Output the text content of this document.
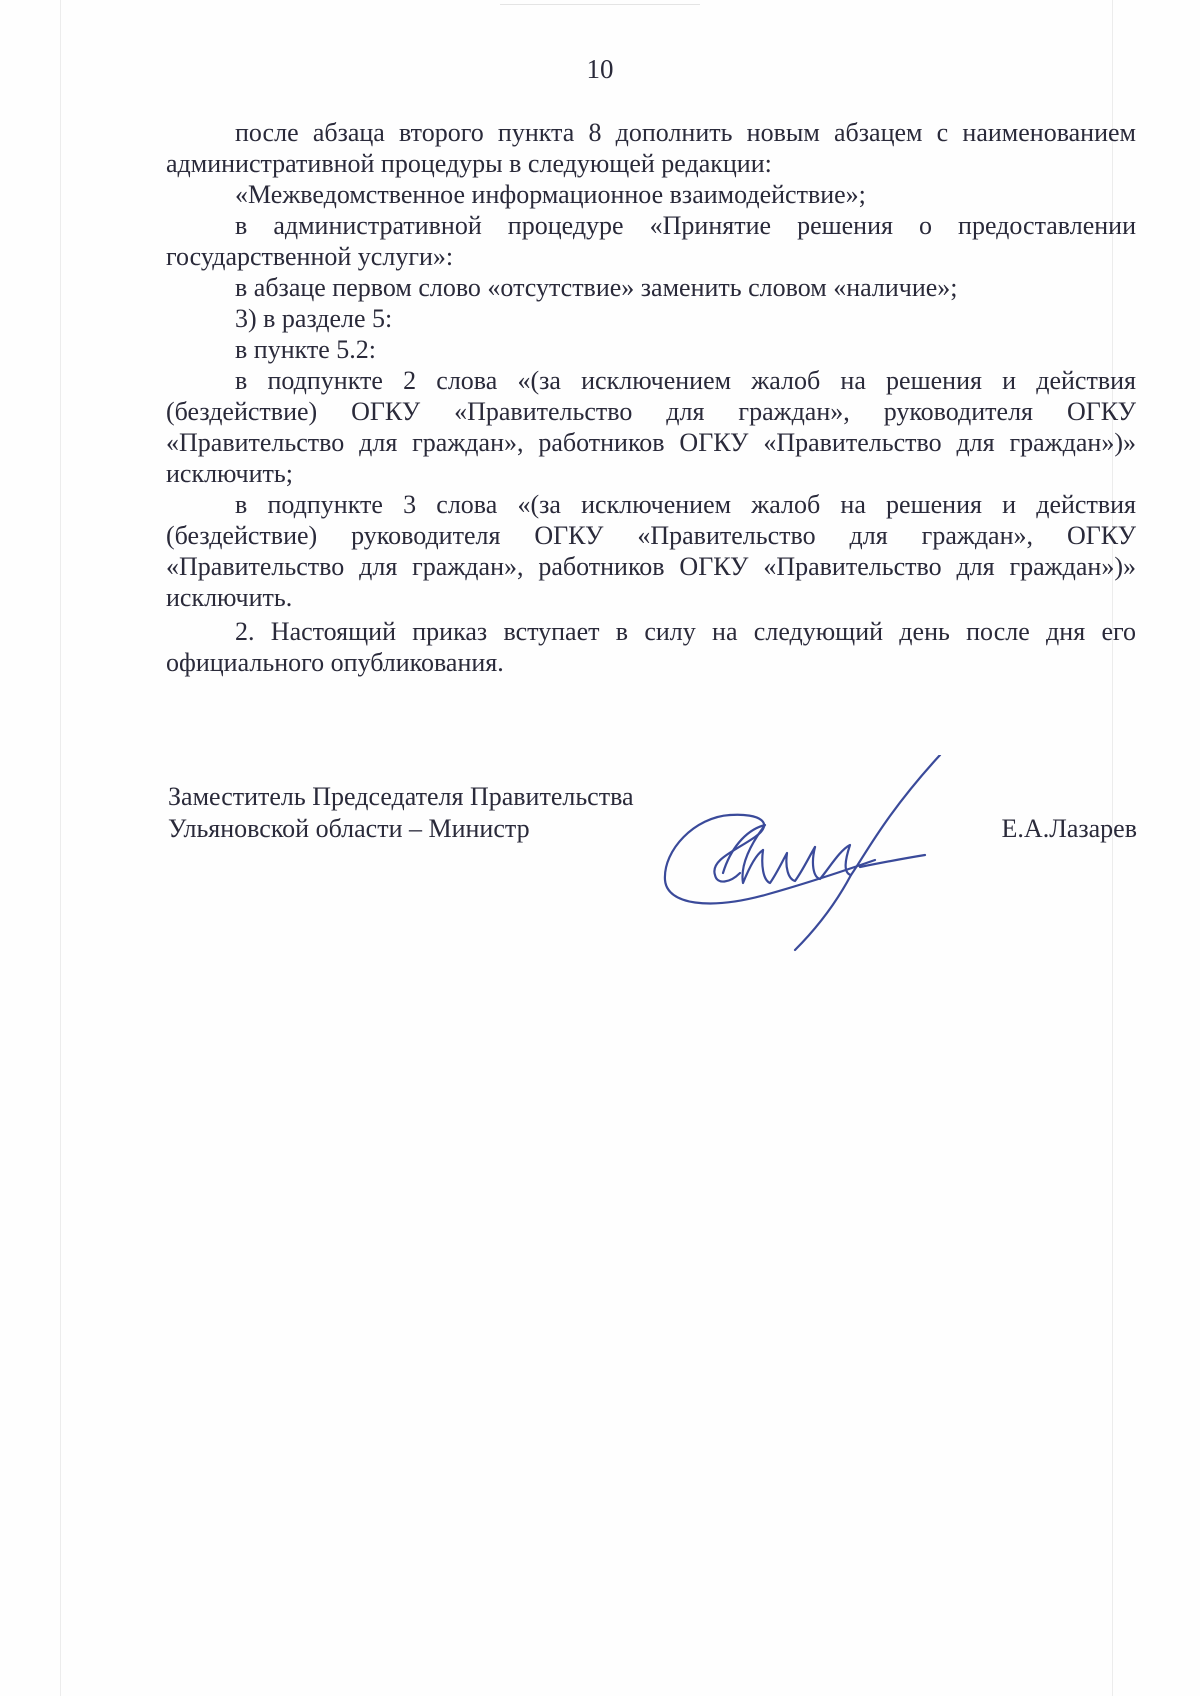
10

после абзаца второго пункта 8 дополнить новым абзацем с наименованием административной процедуры в следующей редакции:

«Межведомственное информационное взаимодействие»;

в административной процедуре «Принятие решения о предоставлении государственной услуги»:

в абзаце первом слово «отсутствие» заменить словом «наличие»;

3) в разделе 5:

в пункте 5.2:

в подпункте 2 слова «(за исключением жалоб на решения и действия (бездействие) ОГКУ «Правительство для граждан», руководителя ОГКУ «Правительство для граждан», работников ОГКУ «Правительство для граждан»)» исключить;

в подпункте 3 слова «(за исключением жалоб на решения и действия (бездействие) руководителя ОГКУ «Правительство для граждан», ОГКУ «Правительство для граждан», работников ОГКУ «Правительство для граждан»)» исключить.

2. Настоящий приказ вступает в силу на следующий день после дня его официального опубликования.

Заместитель Председателя Правительства
Ульяновской области – Министр	Е.А.Лазарев
